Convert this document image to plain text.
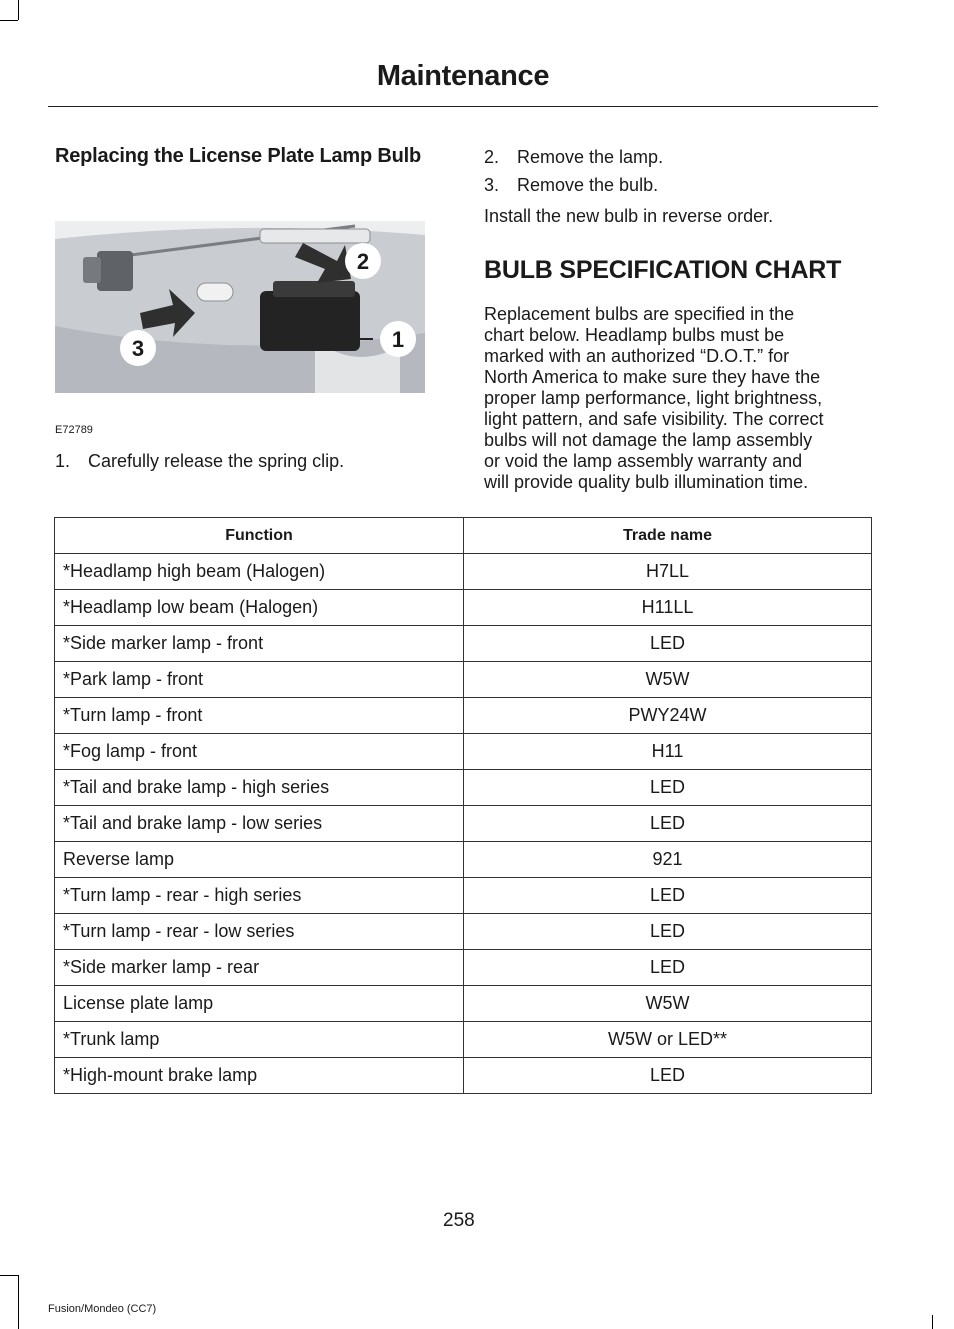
Maintenance
Replacing the License Plate Lamp Bulb
2
1
3
E72789
1. Carefully release the spring clip.
2. Remove the lamp.
3. Remove the bulb.
Install the new bulb in reverse order.
BULB SPECIFICATION CHART
Replacement bulbs are specified in the
chart below. Headlamp bulbs must be
marked with an authorized “D.O.T.” for
North America to make sure they have the
proper lamp performance, light brightness,
light pattern, and safe visibility. The correct
bulbs will not damage the lamp assembly
or void the lamp assembly warranty and
will provide quality bulb illumination time.
Function	Trade name
*Headlamp high beam (Halogen)	H7LL
*Headlamp low beam (Halogen)	H11LL
*Side marker lamp - front	LED
*Park lamp - front	W5W
*Turn lamp - front	PWY24W
*Fog lamp - front	H11
*Tail and brake lamp - high series	LED
*Tail and brake lamp - low series	LED
Reverse lamp	921
*Turn lamp - rear - high series	LED
*Turn lamp - rear - low series	LED
*Side marker lamp - rear	LED
License plate lamp	W5W
*Trunk lamp	W5W or LED**
*High-mount brake lamp	LED
258
Fusion/Mondeo (CC7)
